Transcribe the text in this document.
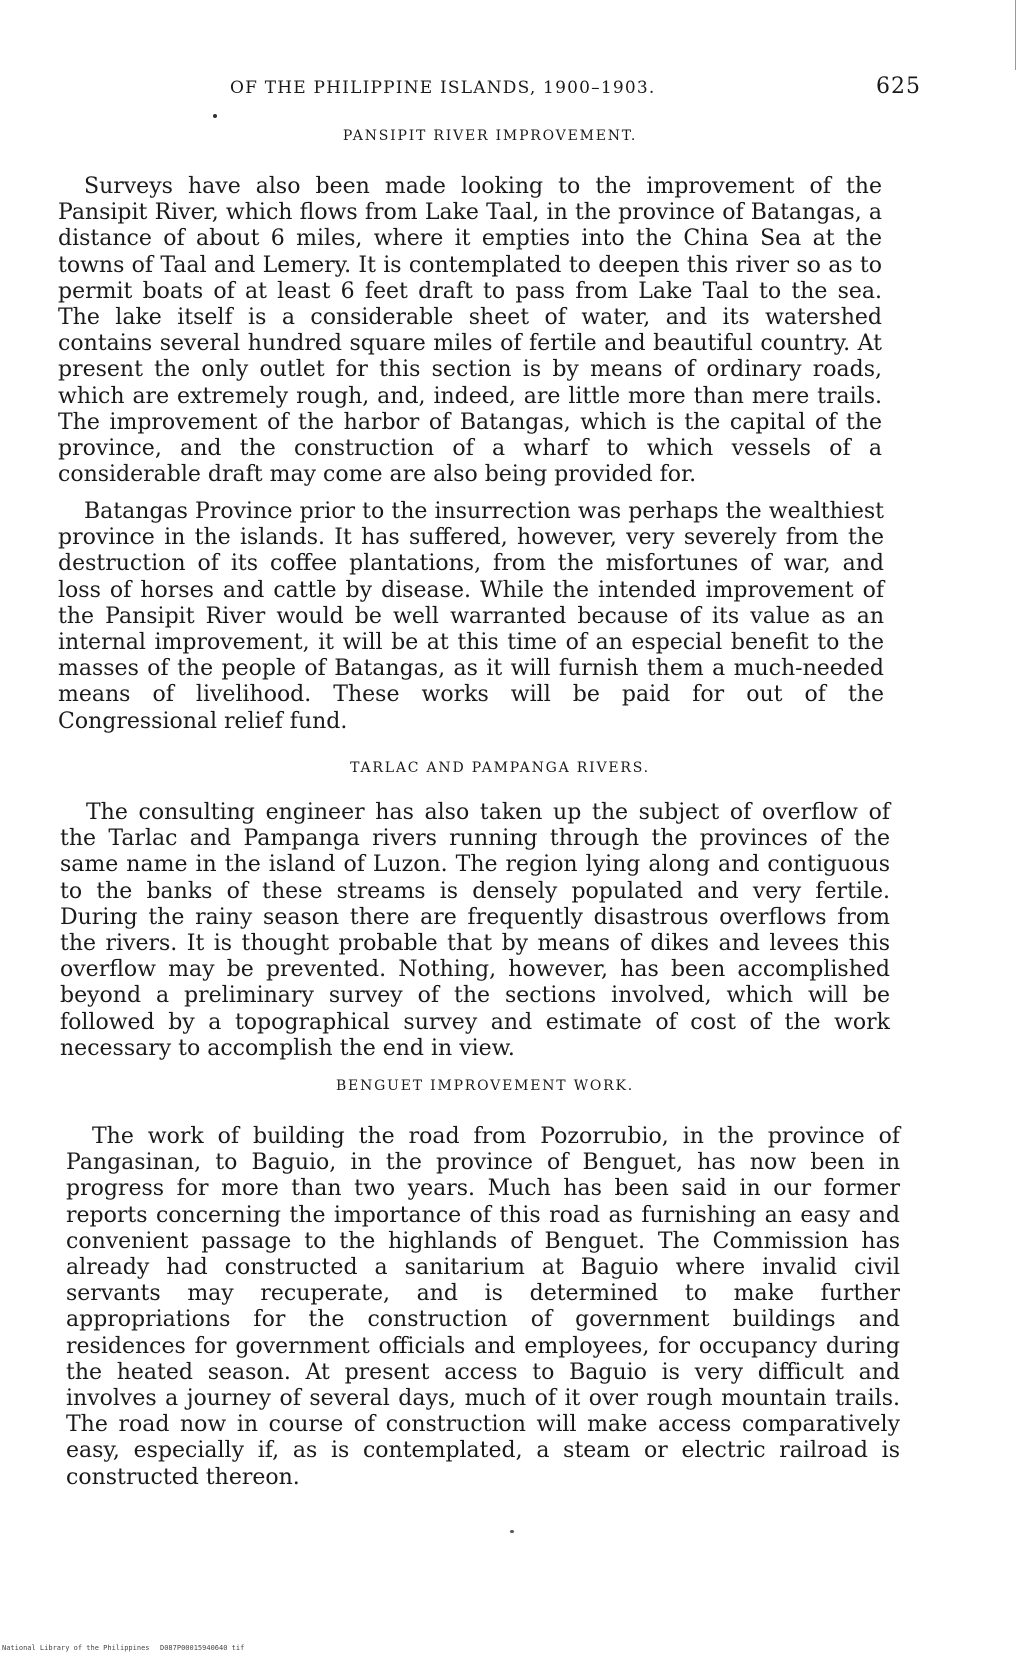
OF THE PHILIPPINE ISLANDS, 1900–1903.	625
PANSIPIT RIVER IMPROVEMENT.

Surveys have also been made looking to the improvement of the Pansipit River, which flows from Lake Taal, in the province of Batangas, a distance of about 6 miles, where it empties into the China Sea at the towns of Taal and Lemery. It is contemplated to deepen this river so as to permit boats of at least 6 feet draft to pass from Lake Taal to the sea. The lake itself is a considerable sheet of water, and its watershed contains several hundred square miles of fertile and beautiful country. At present the only outlet for this section is by means of ordinary roads, which are extremely rough, and, indeed, are little more than mere trails. The improvement of the harbor of Batangas, which is the capital of the province, and the construction of a wharf to which vessels of a considerable draft may come are also being provided for.

Batangas Province prior to the insurrection was perhaps the wealthiest province in the islands. It has suffered, however, very severely from the destruction of its coffee plantations, from the misfortunes of war, and loss of horses and cattle by disease. While the intended improvement of the Pansipit River would be well warranted because of its value as an internal improvement, it will be at this time of an especial benefit to the masses of the people of Batangas, as it will furnish them a much-needed means of livelihood. These works will be paid for out of the Congressional relief fund.

TARLAC AND PAMPANGA RIVERS.

The consulting engineer has also taken up the subject of overflow of the Tarlac and Pampanga rivers running through the provinces of the same name in the island of Luzon. The region lying along and contiguous to the banks of these streams is densely populated and very fertile. During the rainy season there are frequently disastrous overflows from the rivers. It is thought probable that by means of dikes and levees this overflow may be prevented. Nothing, however, has been accomplished beyond a preliminary survey of the sections involved, which will be followed by a topographical survey and estimate of cost of the work necessary to accomplish the end in view.

BENGUET IMPROVEMENT WORK.

The work of building the road from Pozorrubio, in the province of Pangasinan, to Baguio, in the province of Benguet, has now been in progress for more than two years. Much has been said in our former reports concerning the importance of this road as furnishing an easy and convenient passage to the highlands of Benguet. The Commission has already had constructed a sanitarium at Baguio where invalid civil servants may recuperate, and is determined to make further appropriations for the construction of government buildings and residences for government officials and employees, for occupancy during the heated season. At present access to Baguio is very difficult and involves a journey of several days, much of it over rough mountain trails. The road now in course of construction will make access comparatively easy, especially if, as is contemplated, a steam or electric railroad is constructed thereon.

National Library of the Philippines D087P00015940640 tif
